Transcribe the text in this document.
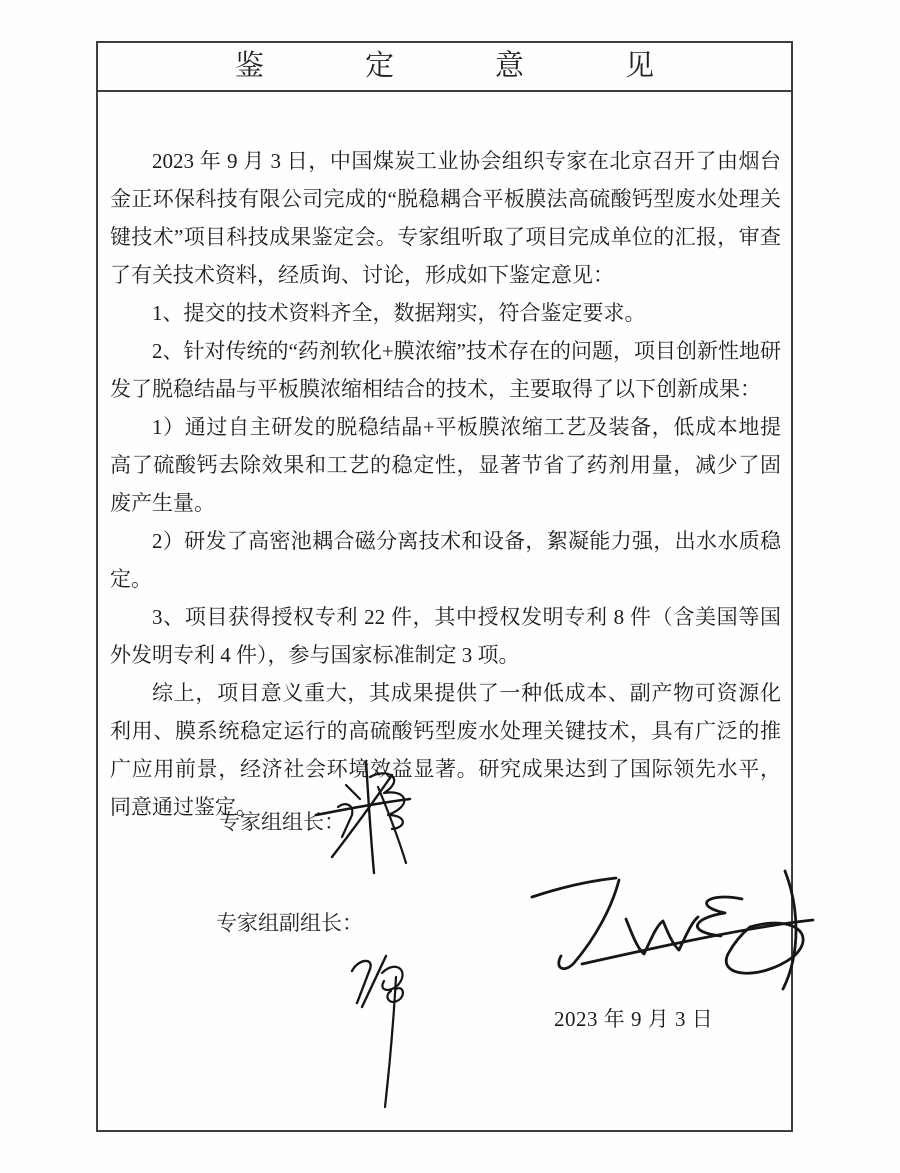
鉴定意见

2023 年 9 月 3 日，中国煤炭工业协会组织专家在北京召开了由烟台金正环保科技有限公司完成的“脱稳耦合平板膜法高硫酸钙型废水处理关键技术”项目科技成果鉴定会。专家组听取了项目完成单位的汇报，审查了有关技术资料，经质询、讨论，形成如下鉴定意见：

1、提交的技术资料齐全，数据翔实，符合鉴定要求。

2、针对传统的“药剂软化+膜浓缩”技术存在的问题，项目创新性地研发了脱稳结晶与平板膜浓缩相结合的技术，主要取得了以下创新成果：

1）通过自主研发的脱稳结晶+平板膜浓缩工艺及装备，低成本地提高了硫酸钙去除效果和工艺的稳定性，显著节省了药剂用量，减少了固废产生量。

2）研发了高密池耦合磁分离技术和设备，絮凝能力强，出水水质稳定。

3、项目获得授权专利 22 件，其中授权发明专利 8 件（含美国等国外发明专利 4 件），参与国家标准制定 3 项。

综上，项目意义重大，其成果提供了一种低成本、副产物可资源化利用、膜系统稳定运行的高硫酸钙型废水处理关键技术，具有广泛的推广应用前景，经济社会环境效益显著。研究成果达到了国际领先水平，同意通过鉴定。

专家组组长：
专家组副组长：
2023 年 9 月 3 日
